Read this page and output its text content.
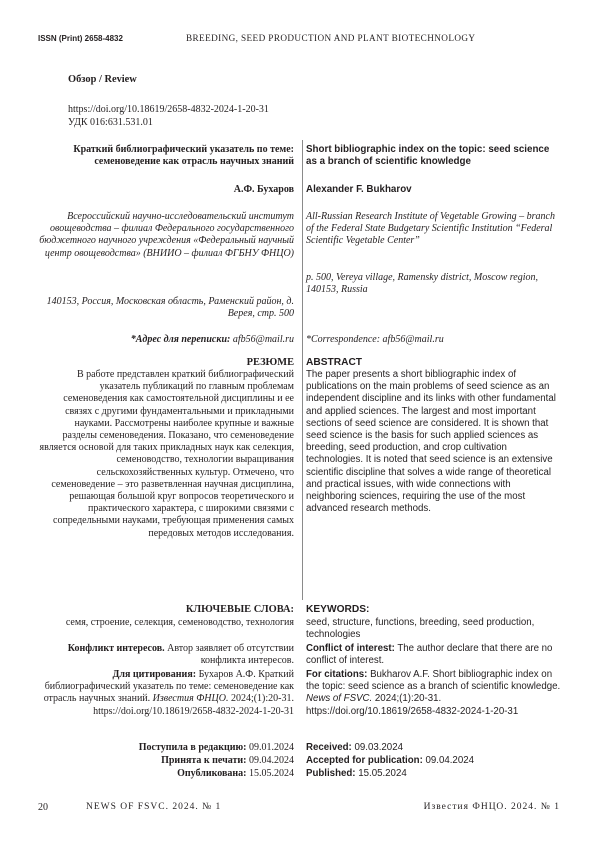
ISSN (Print) 2658-4832	BREEDING, SEED PRODUCTION AND PLANT BIOTECHNOLOGY
Обзор / Review
https://doi.org/10.18619/2658-4832-2024-1-20-31
УДК 016:631.531.01
Краткий библиографический указатель по теме: семеноведение как отрасль научных знаний
А.Ф. Бухаров
Всероссийский научно-исследовательский институт овощеводства – филиал Федерального государственного бюджетного научного учреждения «Федеральный научный центр овощеводства» (ВНИИО – филиал ФГБНУ ФНЦО)
140153, Россия, Московская область, Раменский район, д. Верея, стр. 500
*Адрес для переписки: afb56@mail.ru
РЕЗЮМЕ
В работе представлен краткий библиографический указатель публикаций по главным проблемам семеноведения как самостоятельной дисциплины и ее связях с другими фундаментальными и прикладными науками. Рассмотрены наиболее крупные и важные разделы семеноведения. Показано, что семеноведение является основой для таких прикладных наук как селекция, семеноводство, технологии выращивания сельскохозяйственных культур. Отмечено, что семеноведение – это разветвленная научная дисциплина, решающая большой круг вопросов теоретического и практического характера, с широкими связями с сопредельными науками, требующая применения самых передовых методов исследования.
КЛЮЧЕВЫЕ СЛОВА:
семя, строение, селекция, семеноводство, технология
Конфликт интересов. Автор заявляет об отсутствии конфликта интересов.
Для цитирования: Бухаров А.Ф. Краткий библиографический указатель по теме: семеноведение как отрасль научных знаний. Известия ФНЦО. 2024;(1):20-31. https://doi.org/10.18619/2658-4832-2024-1-20-31
Поступила в редакцию: 09.01.2024
Принята к печати: 09.04.2024
Опубликована: 15.05.2024
Short bibliographic index on the topic: seed science as a branch of scientific knowledge
Alexander F. Bukharov
All-Russian Research Institute of Vegetable Growing – branch of the Federal State Budgetary Scientific Institution “Federal Scientific Vegetable Center”
p. 500, Vereya village, Ramensky district, Moscow region, 140153, Russia
*Correspondence: afb56@mail.ru
ABSTRACT
The paper presents a short bibliographic index of publications on the main problems of seed science as an independent discipline and its links with other fundamental and applied sciences. The largest and most important sections of seed science are considered. It is shown that seed science is the basis for such applied sciences as breeding, seed production, and crop cultivation technologies. It is noted that seed science is an extensive scientific discipline that solves a wide range of theoretical and practical issues, with wide connections with neighboring sciences, requiring the use of the most advanced research methods.
KEYWORDS:
seed, structure, functions, breeding, seed production, technologies
Conflict of interest: The author declare that there are no conflict of interest.
For citations: Bukharov A.F. Short bibliographic index on the topic: seed science as a branch of scientific knowledge. News of FSVC. 2024;(1):20-31. https://doi.org/10.18619/2658-4832-2024-1-20-31
Received: 09.03.2024
Accepted for publication: 09.04.2024
Published: 15.05.2024
20	NEWS OF FSVC. 2024. № 1	Известия ФНЦО. 2024. № 1
